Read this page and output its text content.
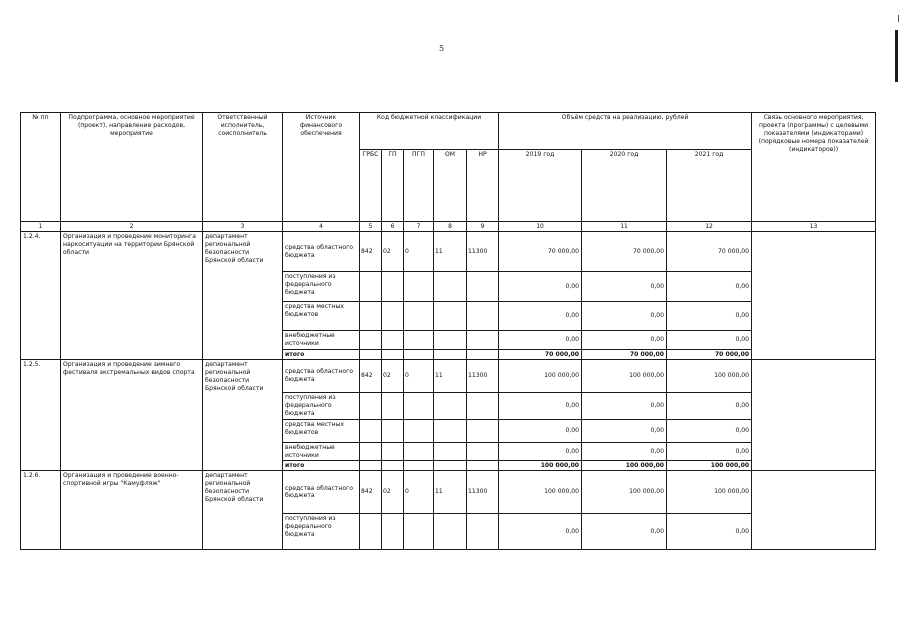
5
№ пп	Подпрограмма, основное мероприятие (проект), направление расходов, мероприятие	Ответственный исполнитель, соисполнитель	Источник финансового обеспечения	Код бюджетной классификации					Объём средств на реализацию, рублей			Связь основного мероприятия, проекта (программы) с целевыми показателями (индикаторами) (порядковые номера показателей (индикаторов))
				ГРБС	ГП	ПГП	ОМ	НР	2019 год	2020 год	2021 год	
1	2	3	4	5	6	7	8	9	10	11	12	13
1.2.4.	Организация и проведение мониторинга наркоситуации на территории Брянской области	департамент региональной безопасности Брянской области	средства областного бюджета	842	02	0	11	11300	70 000,00	70 000,00	70 000,00	
			поступления из федерального бюджета						0,00	0,00	0,00	
			средства местных бюджетов						0,00	0,00	0,00	
			внебюджетные источники						0,00	0,00	0,00	
			итого						70 000,00	70 000,00	70 000,00	
1.2.5.	Организация и проведение зимнего фестиваля экстремальных видов спорта	департамент региональной безопасности Брянской области	средства областного бюджета	842	02	0	11	11300	100 000,00	100 000,00	100 000,00	
			поступления из федерального бюджета						0,00	0,00	0,00	
			средства местных бюджетов						0,00	0,00	0,00	
			внебюджетные источники						0,00	0,00	0,00	
			итого						100 000,00	100 000,00	100 000,00	
1.2.6.	Организация и проведение военно-спортивной игры "Камуфляж"	департамент региональной безопасности Брянской области	средства областного бюджета	842	02	0	11	11300	100 000,00	100 000,00	100 000,00	
			поступления из федерального бюджета						0,00	0,00	0,00	
